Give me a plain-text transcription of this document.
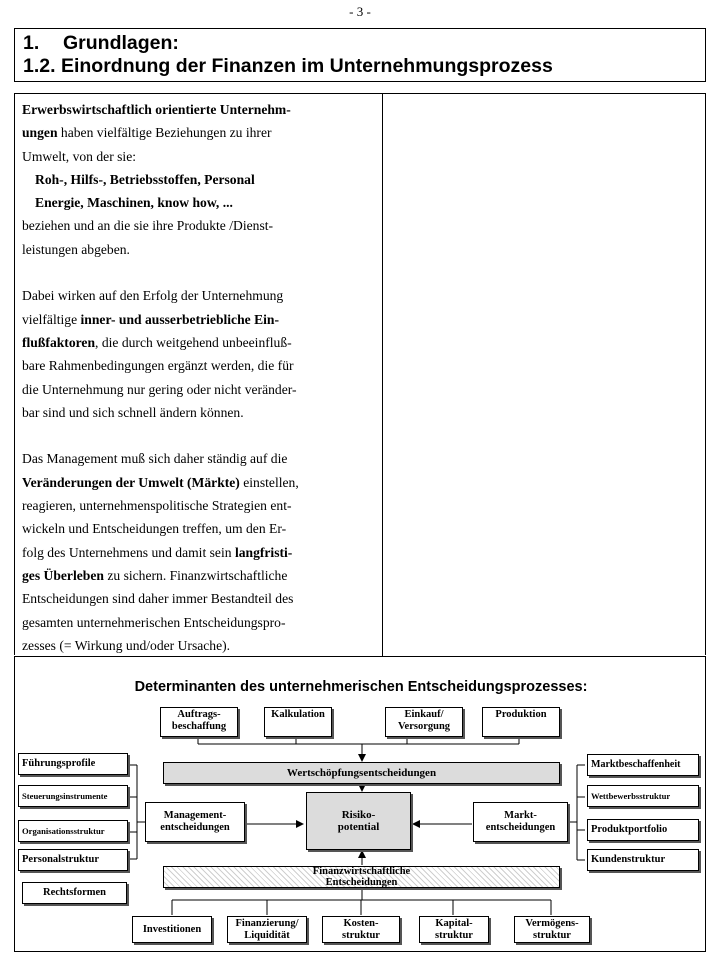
- 3 -
1. Grundlagen:
1.2. Einordnung der Finanzen im Unternehmungsprozess
Erwerbswirtschaftlich orientierte Unternehm-
ungen haben vielfältige Beziehungen zu ihrer
Umwelt, von der sie:
Roh-, Hilfs-, Betriebsstoffen, Personal
Energie, Maschinen, know how, ...
beziehen und an die sie ihre Produkte /Dienst-
leistungen abgeben.
Dabei wirken auf den Erfolg der Unternehmung
vielfältige inner- und ausserbetriebliche Ein-
flußfaktoren, die durch weitgehend unbeeinfluß-
bare Rahmenbedingungen ergänzt werden, die für
die Unternehmung nur gering oder nicht veränder-
bar sind und sich schnell ändern können.
Das Management muß sich daher ständig auf die
Veränderungen der Umwelt (Märkte) einstellen,
reagieren, unternehmenspolitische Strategien ent-
wickeln und Entscheidungen treffen, um den Er-
folg des Unternehmens und damit sein langfristi-
ges Überleben zu sichern. Finanzwirtschaftliche
Entscheidungen sind daher immer Bestandteil des
gesamten unternehmerischen Entscheidungspro-
zesses (= Wirkung und/oder Ursache).
Determinanten des unternehmerischen Entscheidungsprozesses:
Auftrags-
beschaffung
Kalkulation	Einkauf/
Versorgung
Produktion
Wertschöpfungsentscheidungen
Führungsprofile
Steuerungsinstrumente
Organisationsstruktur
Personalstruktur
Rechtsformen
Marktbeschaffenheit
Wettbewerbsstruktur
Produktportfolio
Kundenstruktur
Management-
entscheidungen
Risiko-
potential
Markt-
entscheidungen
Finanzwirtschaftliche
Entscheidungen
Investitionen
Finanzierung/
Liquidität
Kosten-
struktur
Kapital-
struktur
Vermögens-
struktur
